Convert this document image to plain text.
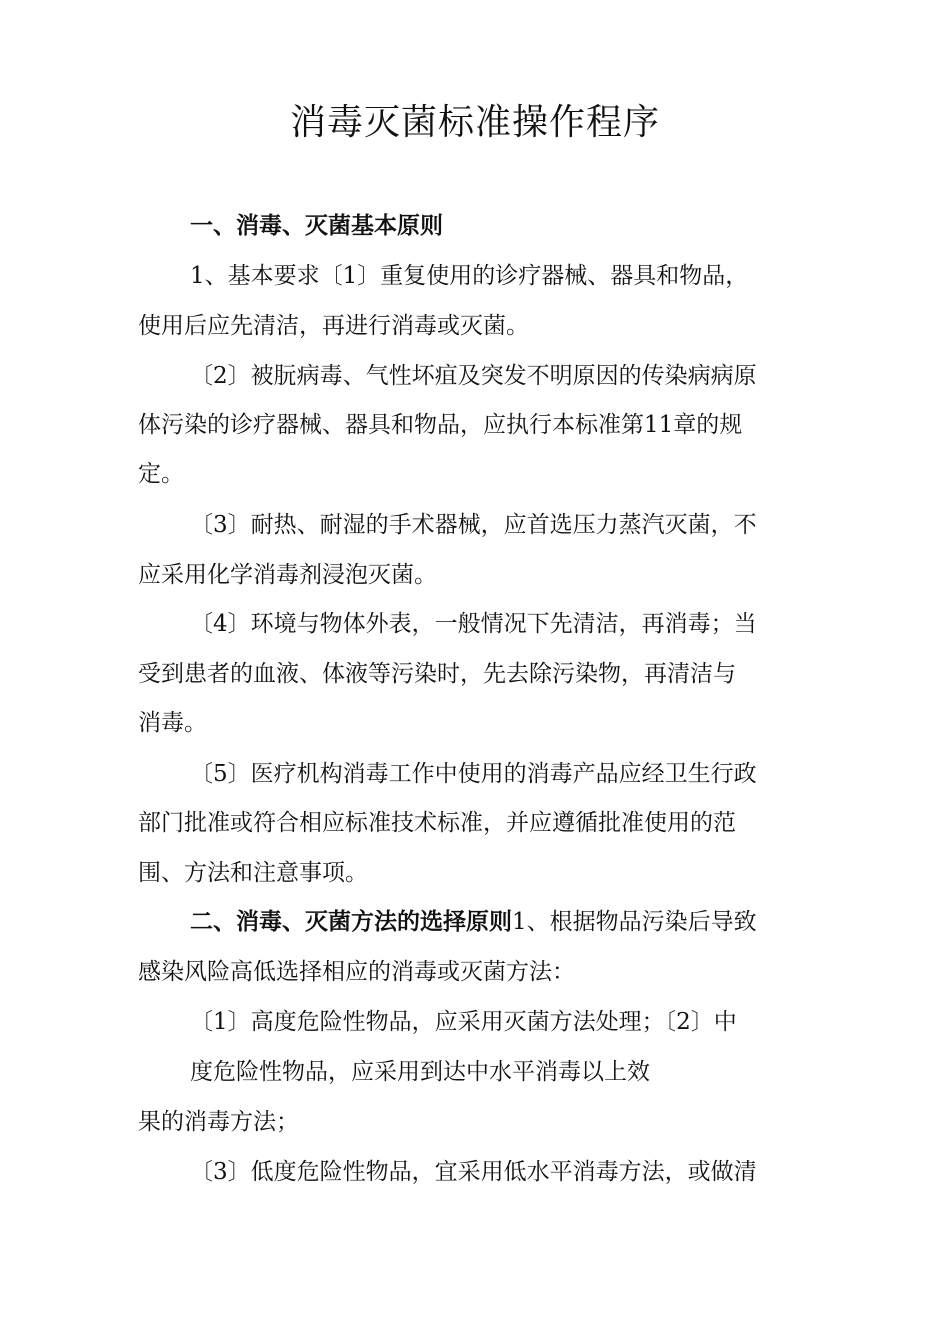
消毒灭菌标准操作程序
一、消毒、灭菌基本原则
1、基本要求〔1〕重复使用的诊疗器械、器具和物品，
使用后应先清洁，再进行消毒或灭菌。
〔2〕被朊病毒、气性坏疽及突发不明原因的传染病病原
体污染的诊疗器械、器具和物品，应执行本标准第11章的规
定。
〔3〕耐热、耐湿的手术器械，应首选压力蒸汽灭菌，不
应采用化学消毒剂浸泡灭菌。
〔4〕环境与物体外表，一般情况下先清洁，再消毒；当
受到患者的血液、体液等污染时，先去除污染物，再清洁与
消毒。
〔5〕医疗机构消毒工作中使用的消毒产品应经卫生行政
部门批准或符合相应标准技术标准，并应遵循批准使用的范
围、方法和注意事项。
二、消毒、灭菌方法的选择原则1、根据物品污染后导致
感染风险高低选择相应的消毒或灭菌方法：
〔1〕高度危险性物品，应采用灭菌方法处理；〔2〕中
度危险性物品，应采用到达中水平消毒以上效
果的消毒方法；
〔3〕低度危险性物品，宜采用低水平消毒方法，或做清
